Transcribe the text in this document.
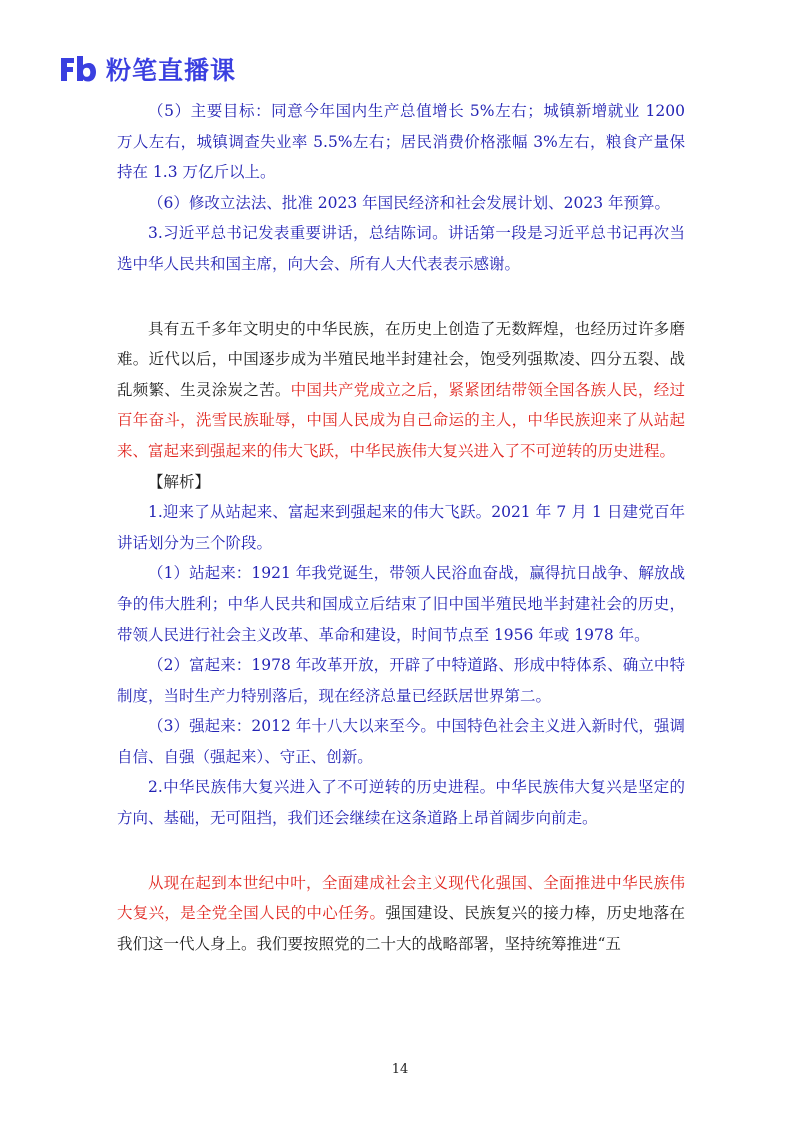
粉笔直播课

（5）主要目标：同意今年国内生产总值增长 5%左右；城镇新增就业 1200 万人左右，城镇调查失业率 5.5%左右；居民消费价格涨幅 3%左右，粮食产量保持在 1.3 万亿斤以上。

（6）修改立法法、批准 2023 年国民经济和社会发展计划、2023 年预算。

3.习近平总书记发表重要讲话，总结陈词。讲话第一段是习近平总书记再次当选中华人民共和国主席，向大会、所有人大代表表示感谢。

具有五千多年文明史的中华民族，在历史上创造了无数辉煌，也经历过许多磨难。近代以后，中国逐步成为半殖民地半封建社会，饱受列强欺凌、四分五裂、战乱频繁、生灵涂炭之苦。中国共产党成立之后，紧紧团结带领全国各族人民，经过百年奋斗，洗雪民族耻辱，中国人民成为自己命运的主人，中华民族迎来了从站起来、富起来到强起来的伟大飞跃，中华民族伟大复兴进入了不可逆转的历史进程。

【解析】

1.迎来了从站起来、富起来到强起来的伟大飞跃。2021 年 7 月 1 日建党百年讲话划分为三个阶段。

（1）站起来：1921 年我党诞生，带领人民浴血奋战，赢得抗日战争、解放战争的伟大胜利；中华人民共和国成立后结束了旧中国半殖民地半封建社会的历史，带领人民进行社会主义改革、革命和建设，时间节点至 1956 年或 1978 年。

（2）富起来：1978 年改革开放，开辟了中特道路、形成中特体系、确立中特制度，当时生产力特别落后，现在经济总量已经跃居世界第二。

（3）强起来：2012 年十八大以来至今。中国特色社会主义进入新时代，强调自信、自强（强起来）、守正、创新。

2.中华民族伟大复兴进入了不可逆转的历史进程。中华民族伟大复兴是坚定的方向、基础，无可阻挡，我们还会继续在这条道路上昂首阔步向前走。

从现在起到本世纪中叶，全面建成社会主义现代化强国、全面推进中华民族伟大复兴，是全党全国人民的中心任务。强国建设、民族复兴的接力棒，历史地落在我们这一代人身上。我们要按照党的二十大的战略部署，坚持统筹推进“五

14
